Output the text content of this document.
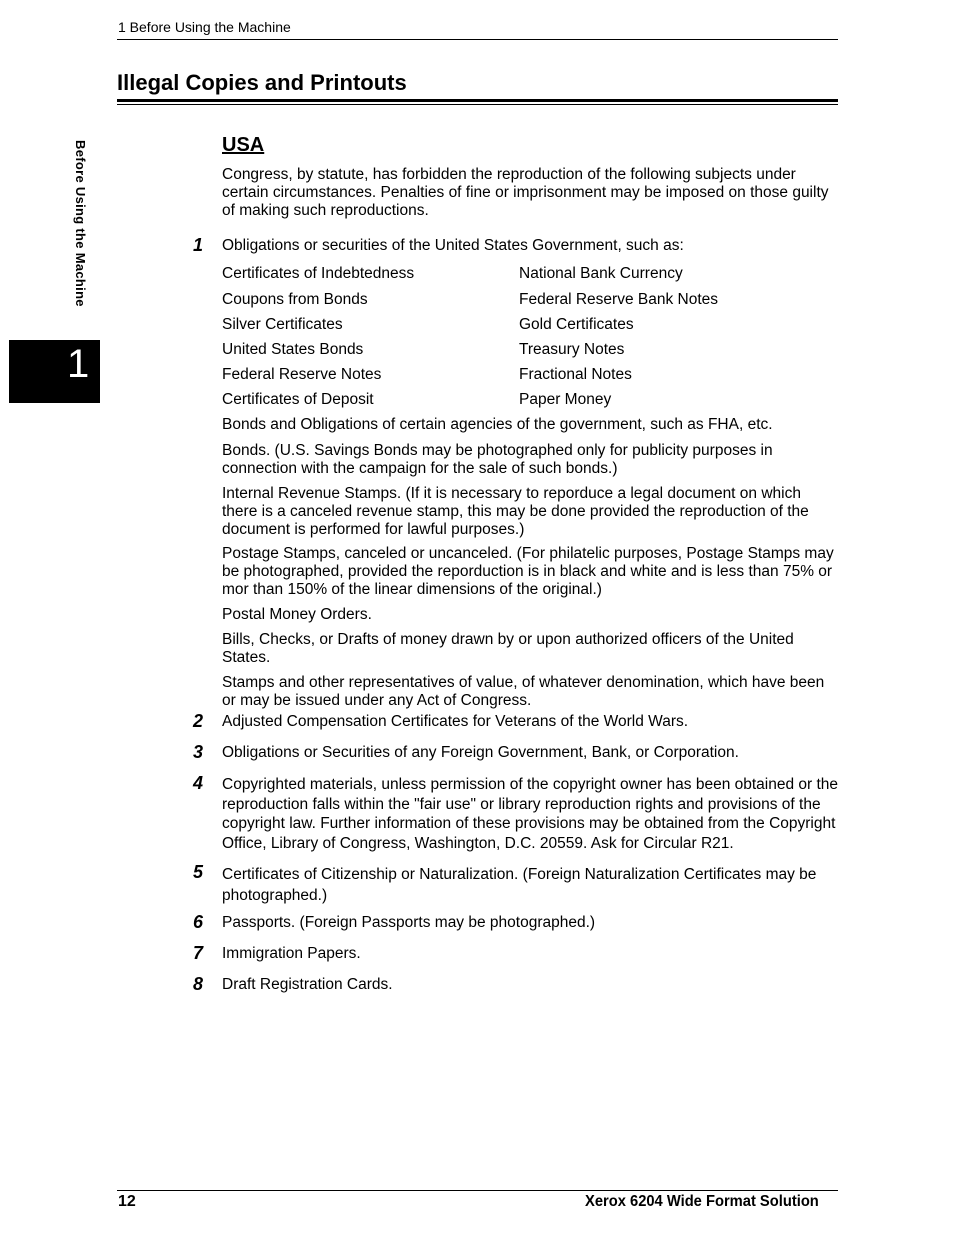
1 Before Using the Machine
Illegal Copies and Printouts
Before Using the Machine
1
USA
Congress, by statute, has forbidden the reproduction of the following subjects under certain circumstances. Penalties of fine or imprisonment may be imposed on those guilty of making such reproductions.
1 Obligations or securities of the United States Government, such as:
Certificates of Indebtedness	National Bank Currency
Coupons from Bonds	Federal Reserve Bank Notes
Silver Certificates	Gold Certificates
United States Bonds	Treasury Notes
Federal Reserve Notes	Fractional Notes
Certificates of Deposit	Paper Money
Bonds and Obligations of certain agencies of the government, such as FHA, etc.
Bonds. (U.S. Savings Bonds may be photographed only for publicity purposes in connection with the campaign for the sale of such bonds.)
Internal Revenue Stamps. (If it is necessary to reporduce a legal document on which there is a canceled revenue stamp, this may be done provided the reproduction of the document is performed for lawful purposes.)
Postage Stamps, canceled or uncanceled. (For philatelic purposes, Postage Stamps may be photographed, provided the reporduction is in black and white and is less than 75% or mor than 150% of the linear dimensions of the original.)
Postal Money Orders.
Bills, Checks, or Drafts of money drawn by or upon authorized officers of the United States.
Stamps and other representatives of value, of whatever denomination, which have been or may be issued under any Act of Congress.
2 Adjusted Compensation Certificates for Veterans of the World Wars.
3 Obligations or Securities of any Foreign Government, Bank, or Corporation.
4 Copyrighted materials, unless permission of the copyright owner has been obtained or the reproduction falls within the "fair use" or library reproduction rights and provisions of the copyright law. Further information of these provisions may be obtained from the Copyright Office, Library of Congress, Washington, D.C. 20559. Ask for Circular R21.
5 Certificates of Citizenship or Naturalization. (Foreign Naturalization Certificates may be photographed.)
6 Passports. (Foreign Passports may be photographed.)
7 Immigration Papers.
8 Draft Registration Cards.
12	Xerox 6204 Wide Format Solution
